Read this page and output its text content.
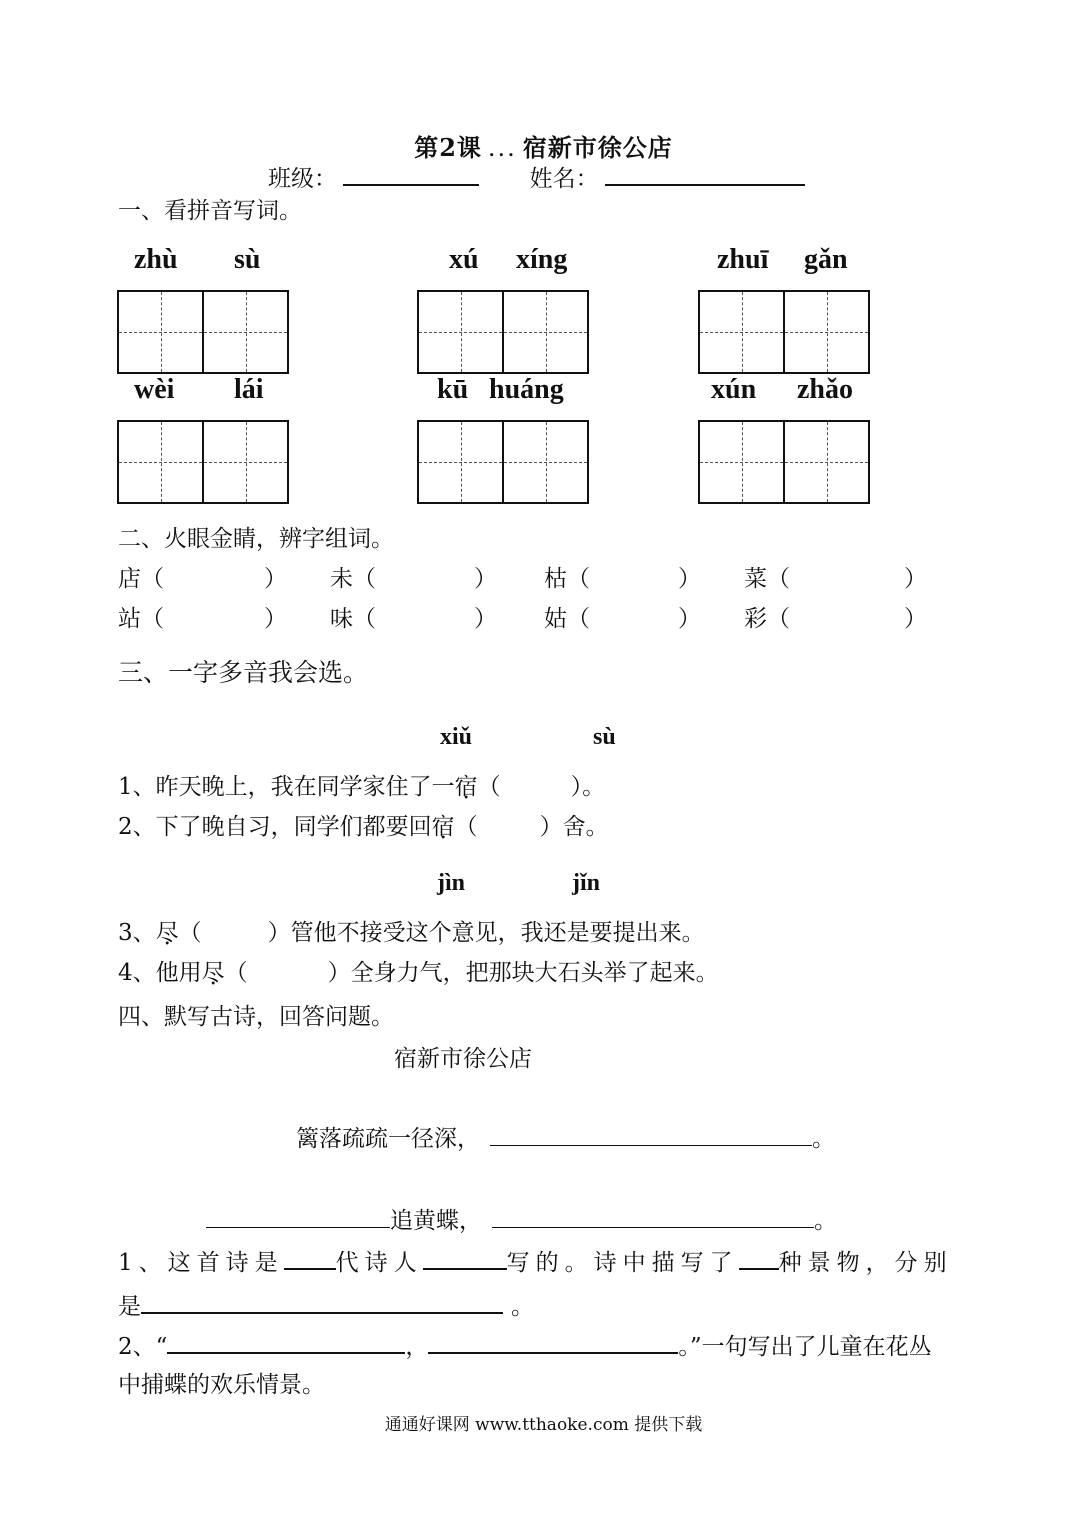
第2课 ... 宿新市徐公店
班级：	姓名：
一、看拼音写词。
zhù sù	xú xíng	zhuī gǎn
wèi lái	kū huáng	xún zhǎo
二、火眼金睛，辨字组词。
店（	） 未（	） 枯（	） 菜（	）
站（	） 味（	） 姑（	） 彩（	）
三、一字多音我会选。
xiǔ	sù
1、昨天晚上，我在同学家住了一宿（	）。
2、下了晚自习，同学们都要回宿（	）舍。
jìn	jǐn
3、尽（	）管他不接受这个意见，我还是要提出来。
4、他用尽（	）全身力气，把那块大石头举了起来。
四、默写古诗，回答问题。
宿新市徐公店
篱落疏疏一径深，	。
追黄蝶，	。
1、这首诗是 代诗人	写的。诗中描写了 种景物，分别
是	。
2、“	，	。”一句写出了儿童在花丛
中捕蝶的欢乐情景。
通通好课网 www.tthaoke.com 提供下载
